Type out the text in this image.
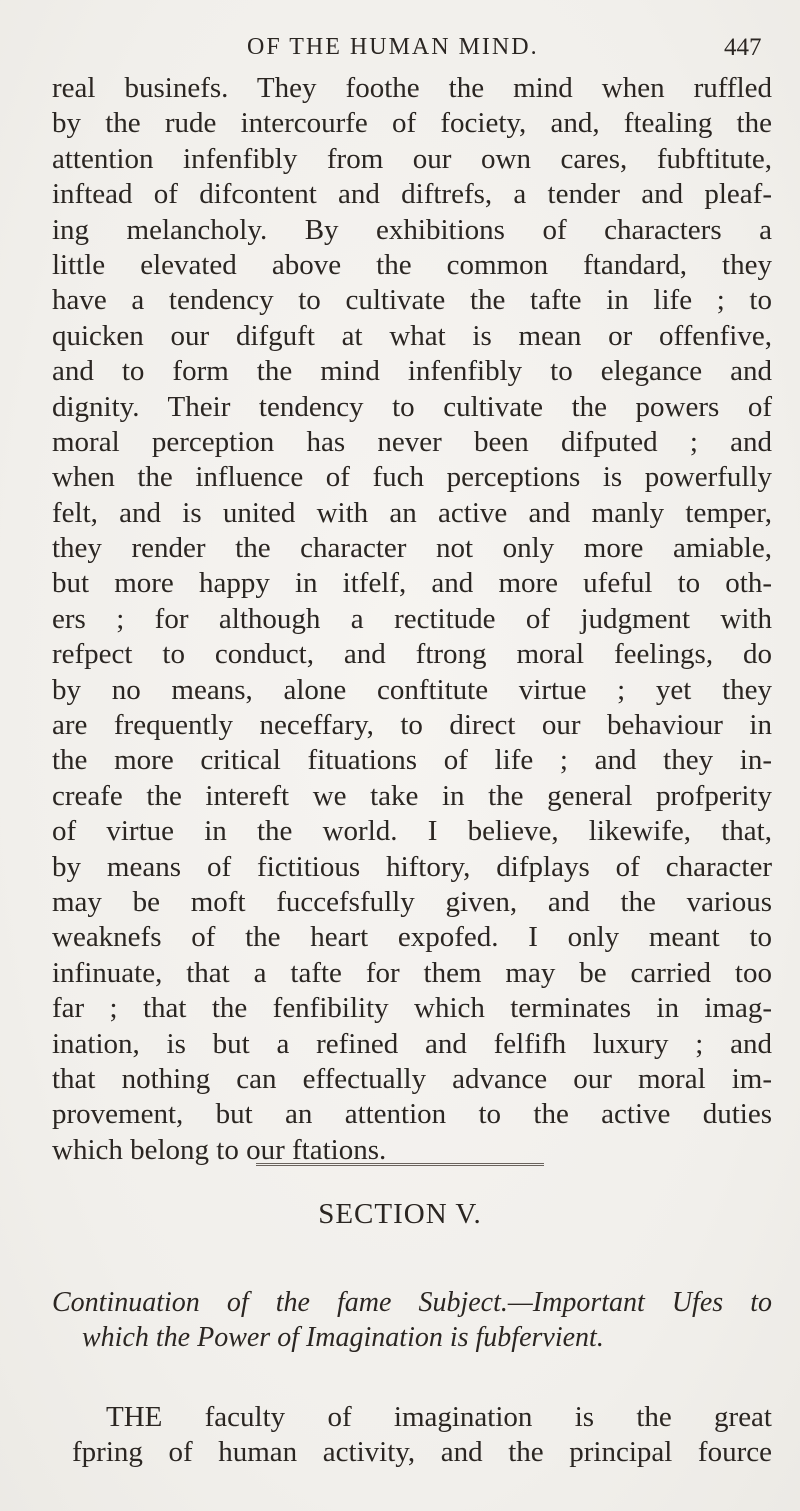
OF THE HUMAN MIND.	447
real businefs. They foothe the mind when ruffled
by the rude intercourfe of fociety, and, ftealing the
attention infenfibly from our own cares, fubftitute,
inftead of difcontent and diftrefs, a tender and pleaf-
ing melancholy. By exhibitions of characters a
little elevated above the common ftandard, they
have a tendency to cultivate the tafte in life ; to
quicken our difguft at what is mean or offenfive,
and to form the mind infenfibly to elegance and
dignity. Their tendency to cultivate the powers of
moral perception has never been difputed ; and
when the influence of fuch perceptions is powerfully
felt, and is united with an active and manly temper,
they render the character not only more amiable,
but more happy in itfelf, and more ufeful to oth-
ers ; for although a rectitude of judgment with
refpect to conduct, and ftrong moral feelings, do
by no means, alone conftitute virtue ; yet they
are frequently neceffary, to direct our behaviour in
the more critical fituations of life ; and they in-
creafe the intereft we take in the general profperity
of virtue in the world. I believe, likewife, that,
by means of fictitious hiftory, difplays of character
may be moft fuccefsfully given, and the various
weaknefs of the heart expofed. I only meant to
infinuate, that a tafte for them may be carried too
far ; that the fenfibility which terminates in imag-
ination, is but a refined and felfifh luxury ; and
that nothing can effectually advance our moral im-
provement, but an attention to the active duties
which belong to our ftations.
SECTION V.
Continuation of the fame Subject.—Important Ufes to
which the Power of Imagination is fubfervient.
THE faculty of imagination is the great
fpring of human activity, and the principal fource
